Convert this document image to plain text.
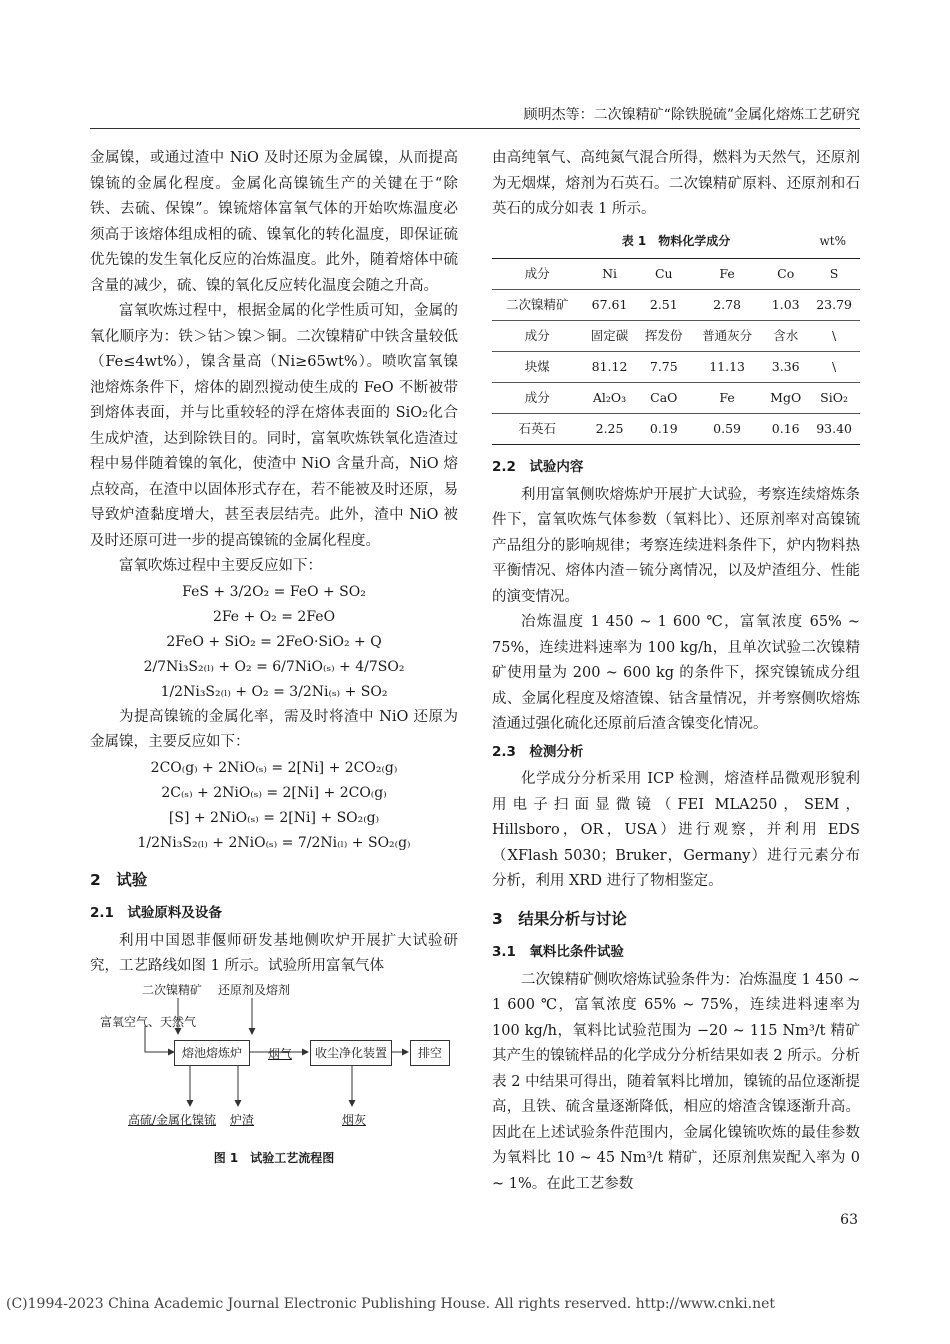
顾明杰等：二次镍精矿“除铁脱硫”金属化熔炼工艺研究

金属镍，或通过渣中 NiO 及时还原为金属镍，从而提高镍锍的金属化程度。金属化高镍锍生产的关键在于“除铁、去硫、保镍”。镍锍熔体富氧气体的开始吹炼温度必须高于该熔体组成相的硫、镍氧化的转化温度，即保证硫优先镍的发生氧化反应的冶炼温度。此外，随着熔体中硫含量的减少，硫、镍的氧化反应转化温度会随之升高。

富氧吹炼过程中，根据金属的化学性质可知，金属的氧化顺序为：铁＞钴＞镍＞铜。二次镍精矿中铁含量较低（Fe≤4wt%），镍含量高（Ni≥65wt%）。喷吹富氧镍池熔炼条件下，熔体的剧烈搅动使生成的 FeO 不断被带到熔体表面，并与比重较轻的浮在熔体表面的 SiO₂化合生成炉渣，达到除铁目的。同时，富氧吹炼铁氧化造渣过程中易伴随着镍的氧化，使渣中 NiO 含量升高，NiO 熔点较高，在渣中以固体形式存在，若不能被及时还原，易导致炉渣黏度增大，甚至表层结壳。此外，渣中 NiO 被及时还原可进一步的提高镍锍的金属化程度。

富氧吹炼过程中主要反应如下：

FeS + 3/2O₂ = FeO + SO₂
2Fe + O₂ = 2FeO
2FeO + SiO₂ = 2FeO·SiO₂ + Q
2/7Ni₃S₂₍ₗ₎ + O₂ = 6/7NiO₍ₛ₎ + 4/7SO₂
1/2Ni₃S₂₍ₗ₎ + O₂ = 3/2Ni₍ₛ₎ + SO₂

为提高镍锍的金属化率，需及时将渣中 NiO 还原为金属镍，主要反应如下：

2CO₍g₎ + 2NiO₍ₛ₎ = 2[Ni] + 2CO₂₍g₎
2C₍ₛ₎ + 2NiO₍ₛ₎ = 2[Ni] + 2CO₍g₎
[S] + 2NiO₍ₛ₎ = 2[Ni] + SO₂₍g₎
1/2Ni₃S₂₍ₗ₎ + 2NiO₍ₛ₎ = 7/2Ni₍ₗ₎ + SO₂₍g₎
2　试验
2.1　试验原料及设备

利用中国恩菲偃师研发基地侧吹炉开展扩大试验研究，工艺路线如图 1 所示。试验所用富氧气体

二次镍精矿	还原剂及熔剂
富氧空气、天然气
熔池熔炼炉	烟气	收尘净化装置	排空
高硫/金属化镍锍 炉渣	烟灰
图 1　试验工艺流程图

由高纯氧气、高纯氮气混合所得，燃料为天然气，还原剂为无烟煤，熔剂为石英石。二次镍精矿原料、还原剂和石英石的成分如表 1 所示。

表 1　物料化学成分	wt%
成分	Ni	Cu	Fe	Co	S
二次镍精矿	67.61	2.51	2.78	1.03	23.79
成分	固定碳	挥发份	普通灰分	含水	\
块煤	81.12	7.75	11.13	3.36	\
成分	Al₂O₃	CaO	Fe	MgO	SiO₂
石英石	2.25	0.19	0.59	0.16	93.40
2.2　试验内容

利用富氧侧吹熔炼炉开展扩大试验，考察连续熔炼条件下，富氧吹炼气体参数（氧料比）、还原剂率对高镍锍产品组分的影响规律；考察连续进料条件下，炉内物料热平衡情况、熔体内渣－锍分离情况，以及炉渣组分、性能的演变情况。

冶炼温度 1 450 ~ 1 600 ℃，富氧浓度 65% ~ 75%，连续进料速率为 100 kg/h，且单次试验二次镍精矿使用量为 200 ~ 600 kg 的条件下，探究镍锍成分组成、金属化程度及熔渣镍、钴含量情况，并考察侧吹熔炼渣通过强化硫化还原前后渣含镍变化情况。

2.3　检测分析

化学成分分析采用 ICP 检测，熔渣样品微观形貌利用电子扫面显微镜（FEI MLA250，SEM，Hillsboro，OR，USA）进行观察，并利用 EDS（XFlash 5030；Bruker，Germany）进行元素分布分析，利用 XRD 进行了物相鉴定。

3　结果分析与讨论
3.1　氧料比条件试验

二次镍精矿侧吹熔炼试验条件为：冶炼温度 1 450 ~ 1 600 ℃，富氧浓度 65% ~ 75%，连续进料速率为 100 kg/h，氧料比试验范围为 −20 ~ 115 Nm³/t 精矿其产生的镍锍样品的化学成分分析结果如表 2 所示。分析表 2 中结果可得出，随着氧料比增加，镍锍的品位逐渐提高，且铁、硫含量逐渐降低，相应的熔渣含镍逐渐升高。因此在上述试验条件范围内，金属化镍锍吹炼的最佳参数为氧料比 10 ~ 45 Nm³/t 精矿，还原剂焦炭配入率为 0 ~ 1%。在此工艺参数

63
(C)1994-2023 China Academic Journal Electronic Publishing House. All rights reserved. http://www.cnki.net
